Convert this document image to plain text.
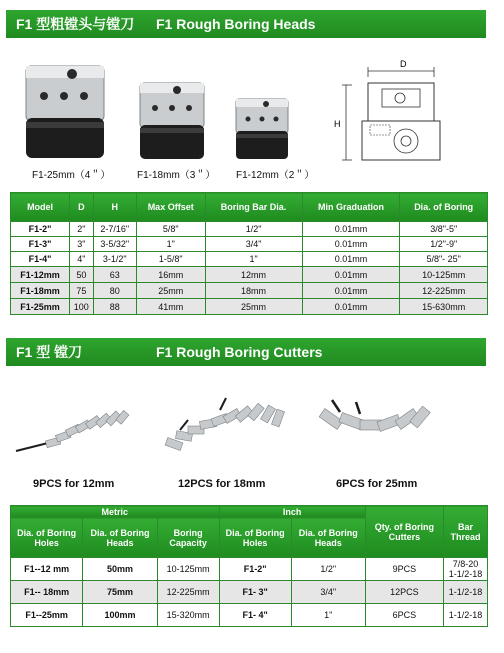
F1 型粗镗头与镗刀	F1 Rough Boring Heads
F1-25mm（4＂）	F1-18mm（3＂） F1-12mm（2＂）
D
H
Model	D	H	Max Offset	Boring Bar Dia.	Min Graduation	Dia. of Boring
F1-2"	2"	2-7/16"	5/8"	1/2"	0.01mm	3/8"-5"
F1-3"	3"	3-5/32"	1"	3/4"	0.01mm	1/2"-9"
F1-4"	4"	3-1/2"	1-5/8"	1"	0.01mm	5/8"- 25"
F1-12mm	50	63	16mm	12mm	0.01mm	10-125mm
F1-18mm	75	80	25mm	18mm	0.01mm	12-225mm
F1-25mm	100	88	41mm	25mm	0.01mm	15-630mm
F1 型 镗刀	F1 Rough Boring Cutters
9PCS for 12mm	12PCS for 18mm	6PCS for 25mm
Metric			Inch		Qty. of Boring Cutters	Bar Thread
Dia. of Boring Holes	Dia. of Boring Heads	Boring Capacity	Dia. of Boring Holes	Dia. of Boring Heads		
F1--12 mm	50mm	10-125mm	F1-2"	1/2"	9PCS	7/8-20
1-1/2-18

F1-- 18mm	75mm	12-225mm	F1- 3"	3/4"	12PCS	1-1/2-18
F1--25mm	100mm	15-320mm	F1- 4"	1"	6PCS	1-1/2-18
